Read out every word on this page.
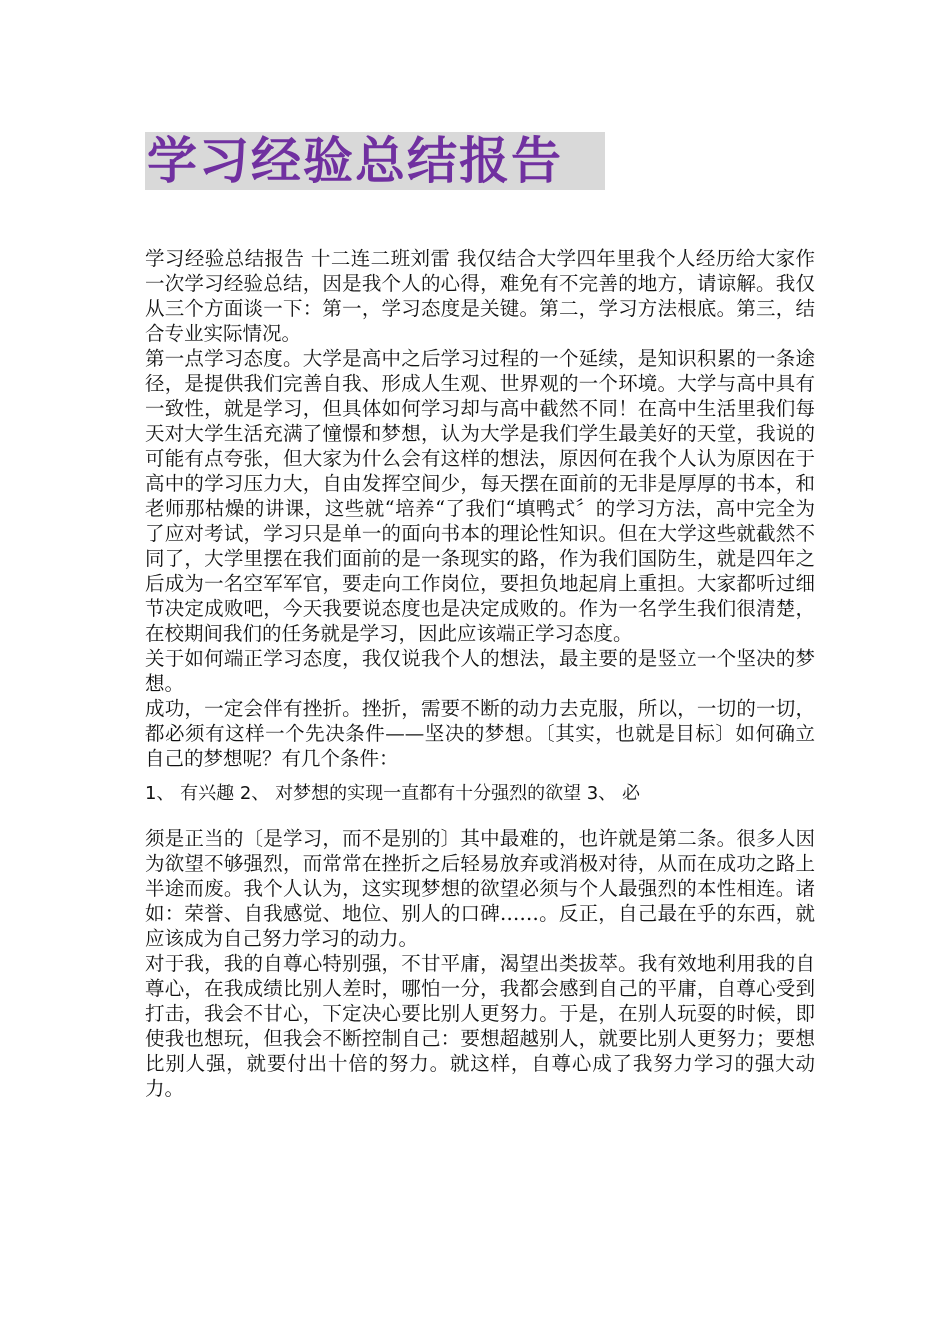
学习经验总结报告

学习经验总结报告 十二连二班刘雷 我仅结合大学四年里我个人经历给大家作一次学习经验总结，因是我个人的心得，难免有不完善的地方，请谅解。我仅从三个方面谈一下：第一，学习态度是关键。第二，学习方法根底。第三，结合专业实际情况。

第一点学习态度。大学是高中之后学习过程的一个延续，是知识积累的一条途径，是提供我们完善自我、形成人生观、世界观的一个环境。大学与高中具有一致性，就是学习，但具体如何学习却与高中截然不同！在高中生活里我们每天对大学生活充满了憧憬和梦想，认为大学是我们学生最美好的天堂，我说的可能有点夸张，但大家为什么会有这样的想法，原因何在我个人认为原因在于高中的学习压力大，自由发挥空间少，每天摆在面前的无非是厚厚的书本，和老师那枯燥的讲课，这些就“培养“了我们“填鸭式〞的学习方法，高中完全为了应对考试，学习只是单一的面向书本的理论性知识。但在大学这些就截然不同了，大学里摆在我们面前的是一条现实的路，作为我们国防生，就是四年之后成为一名空军军官，要走向工作岗位，要担负地起肩上重担。大家都听过细节决定成败吧，今天我要说态度也是决定成败的。作为一名学生我们很清楚，在校期间我们的任务就是学习，因此应该端正学习态度。

关于如何端正学习态度，我仅说我个人的想法，最主要的是竖立一个坚决的梦想。

成功，一定会伴有挫折。挫折，需要不断的动力去克服，所以，一切的一切，都必须有这样一个先决条件——坚决的梦想。〔其实，也就是目标〕如何确立自己的梦想呢？有几个条件：

1、 有兴趣 2、 对梦想的实现一直都有十分强烈的欲望 3、 必

须是正当的〔是学习，而不是别的〕其中最难的，也许就是第二条。很多人因为欲望不够强烈，而常常在挫折之后轻易放弃或消极对待，从而在成功之路上半途而废。我个人认为，这实现梦想的欲望必须与个人最强烈的本性相连。诸如：荣誉、自我感觉、地位、别人的口碑……。反正，自己最在乎的东西，就应该成为自己努力学习的动力。

对于我，我的自尊心特别强，不甘平庸，渴望出类拔萃。我有效地利用我的自尊心，在我成绩比别人差时，哪怕一分，我都会感到自己的平庸，自尊心受到打击，我会不甘心，下定决心要比别人更努力。于是，在别人玩耍的时候，即使我也想玩，但我会不断控制自己：要想超越别人，就要比别人更努力；要想比别人强，就要付出十倍的努力。就这样，自尊心成了我努力学习的强大动力。
